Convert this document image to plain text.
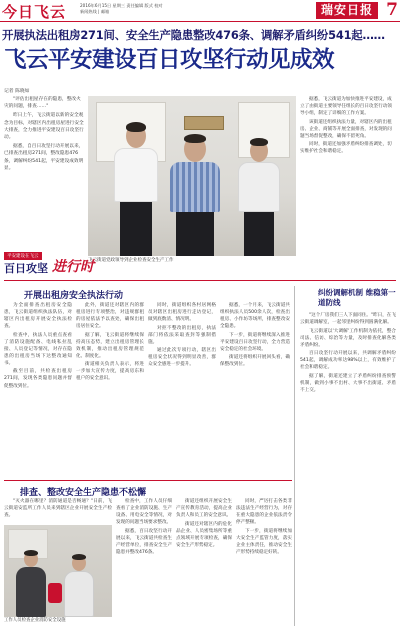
今日飞云	2016年6月15日 星期三 责任编辑 版式 校对
新闻热线 | 邮箱	瑞安日报 7
开展执法出租房271间、安全生产隐患整改476条、调解矛盾纠纷541起……
飞云平安建设百日攻坚行动见成效
记者 陈晓如

"评估出租屋存在的隐患，整改火灾的问题，排查……"

昨日上午，飞云街道以新的安全观念为目标，对辖区内出租房屋进行安全大排查，全力推进平安建设百日攻坚行动。

据悉，自百日攻坚行动开展以来，已排查出租房271间，整改隐患476条，调解纠纷541起，平安建设成效明显。

飞云街道党政领导到企业检查安全生产工作

据悉，飞云街道为加快推进平安建设，成立了由街道主要领导任组长的百日攻坚行动领导小组，制定了详细的工作方案。

该街道还组织执法力量，对辖区内的出租房、企业、商铺等开展全面排查，对发现的问题当场督促整改，确保不留死角。

同时，街道还加强矛盾纠纷排查调处，切实维护社会和谐稳定。

平安建设在飞云
百日攻坚 进行时
开展出租房安全执法行动

为全面排查出租房安全隐患，飞云街道组织执法队伍，对辖区内出租房开展安全执法检查。

检查中，执法人员重点查看了消防设施配备、电线私拉乱接、人员登记等情况，对存在隐患的出租房当场下达整改通知书。

截至目前，共检查出租房271间，发现各类隐患问题并督促整改到位。

此外，街道还对辖区内的群租房进行专项整治，对违规群租的房屋依法予以查处，确保出租房居住安全。

据了解，飞云街道将继续保持高压态势，建立出租房管理长效机制，推动出租房管理规范化、制度化。

街道相关负责人表示，将进一步加大宣传力度，提高房东和租户的安全意识。

同时，街道组织各村居网格员对辖区出租房进行走访登记，做到底数清、情况明。

对拒不整改的出租房，执法部门将依法采取查封等强制措施。

通过此次专项行动，辖区出租房安全状况得到明显改善，群众安全感进一步提升。

据悉，一个月来，飞云街道共组织执法人员500余人次，检查出租房、小作坊等场所，排查整改安全隐患。

下一步，街道将继续深入推进平安建设百日攻坚行动，全力营造安全稳定的社会环境。

街道还将组织开展回头看，确保整改到位。

纠纷调解机制 维稳第一道防线

"这个厂房我们三人下面同住。"昨日，在飞云街道调解室，一起邻里纠纷得到圆满化解。

飞云街道以'大调解'工作机制为依托，整合司法、信访、综治等力量，及时排查化解各类矛盾纠纷。

百日攻坚行动开展以来，共调解矛盾纠纷541起，调解成功率达98%以上，有效维护了社会和谐稳定。

据了解，街道还建立了矛盾纠纷排查预警机制，做到小事不出村、大事不出街道、矛盾不上交。

排查、整改安全生产隐患不松懈

"灭火器在哪里？消防通道是否畅通？"日前，飞云街道安监所工作人员来到辖区企业开展安全生产检查。

检查中，工作人员仔细查看了企业消防设施、生产设备、用电安全等情况，对发现的问题当场要求整改。

据悉，百日攻坚行动开展以来，飞云街道共检查生产经营单位，排查安全生产隐患并整改476条。

街道还组织开展安全生产宣传教育活动，提高企业负责人和员工的安全意识。

街道还对辖区内的危化品企业、人员密集场所等重点领域开展专项检查，确保安全生产形势稳定。

同时，严厉打击各类非法违法生产经营行为，对存在重大隐患的企业依法责令停产整顿。

下一步，街道将继续加大安全生产监管力度，落实企业主体责任，推动安全生产形势持续稳定好转。

工作人员检查企业消防安全设施
